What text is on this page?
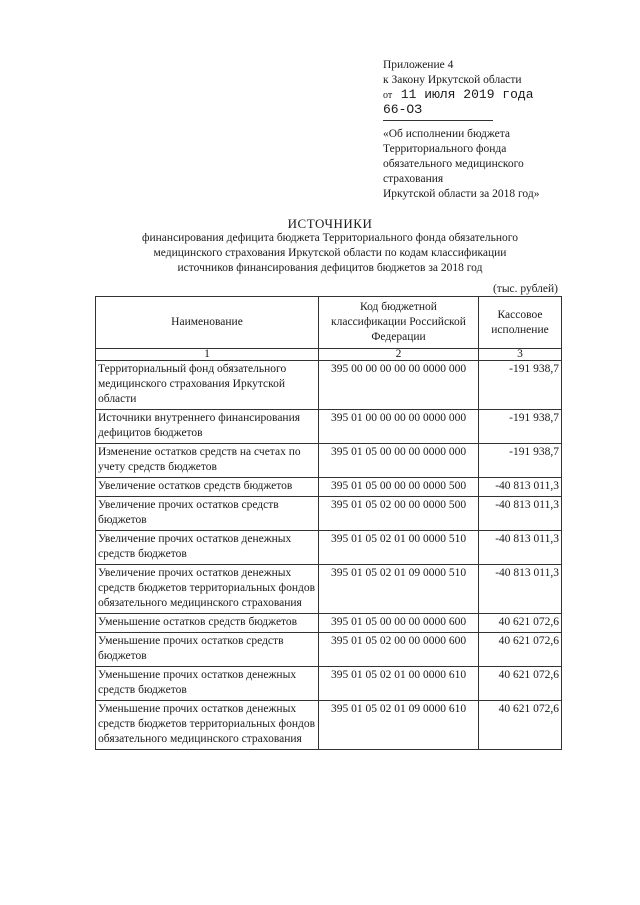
Приложение 4
к Закону Иркутской области
от 11 июля 2019 года
66-ОЗ
«Об исполнении бюджета
Территориального фонда
обязательного медицинского
страхования
Иркутской области за 2018 год»
ИСТОЧНИКИ
финансирования дефицита бюджета Территориального фонда обязательного
медицинского страхования Иркутской области по кодам классификации
источников финансирования дефицитов бюджетов за 2018 год
(тыс. рублей)
Наименование	Код бюджетной классификации Российской Федерации	Кассовое исполнение
1	2	3
Территориальный фонд обязательного медицинского страхования Иркутской области	395 00 00 00 00 00 0000 000	-191 938,7
Источники внутреннего финансирования дефицитов бюджетов	395 01 00 00 00 00 0000 000	-191 938,7
Изменение остатков средств на счетах по учету средств бюджетов	395 01 05 00 00 00 0000 000	-191 938,7
Увеличение остатков средств бюджетов	395 01 05 00 00 00 0000 500	-40 813 011,3
Увеличение прочих остатков средств бюджетов	395 01 05 02 00 00 0000 500	-40 813 011,3
Увеличение прочих остатков денежных средств бюджетов	395 01 05 02 01 00 0000 510	-40 813 011,3
Увеличение прочих остатков денежных средств бюджетов территориальных фондов обязательного медицинского страхования	395 01 05 02 01 09 0000 510	-40 813 011,3
Уменьшение остатков средств бюджетов	395 01 05 00 00 00 0000 600	40 621 072,6
Уменьшение прочих остатков средств бюджетов	395 01 05 02 00 00 0000 600	40 621 072,6
Уменьшение прочих остатков денежных средств бюджетов	395 01 05 02 01 00 0000 610	40 621 072,6
Уменьшение прочих остатков денежных средств бюджетов территориальных фондов обязательного медицинского страхования	395 01 05 02 01 09 0000 610	40 621 072,6
